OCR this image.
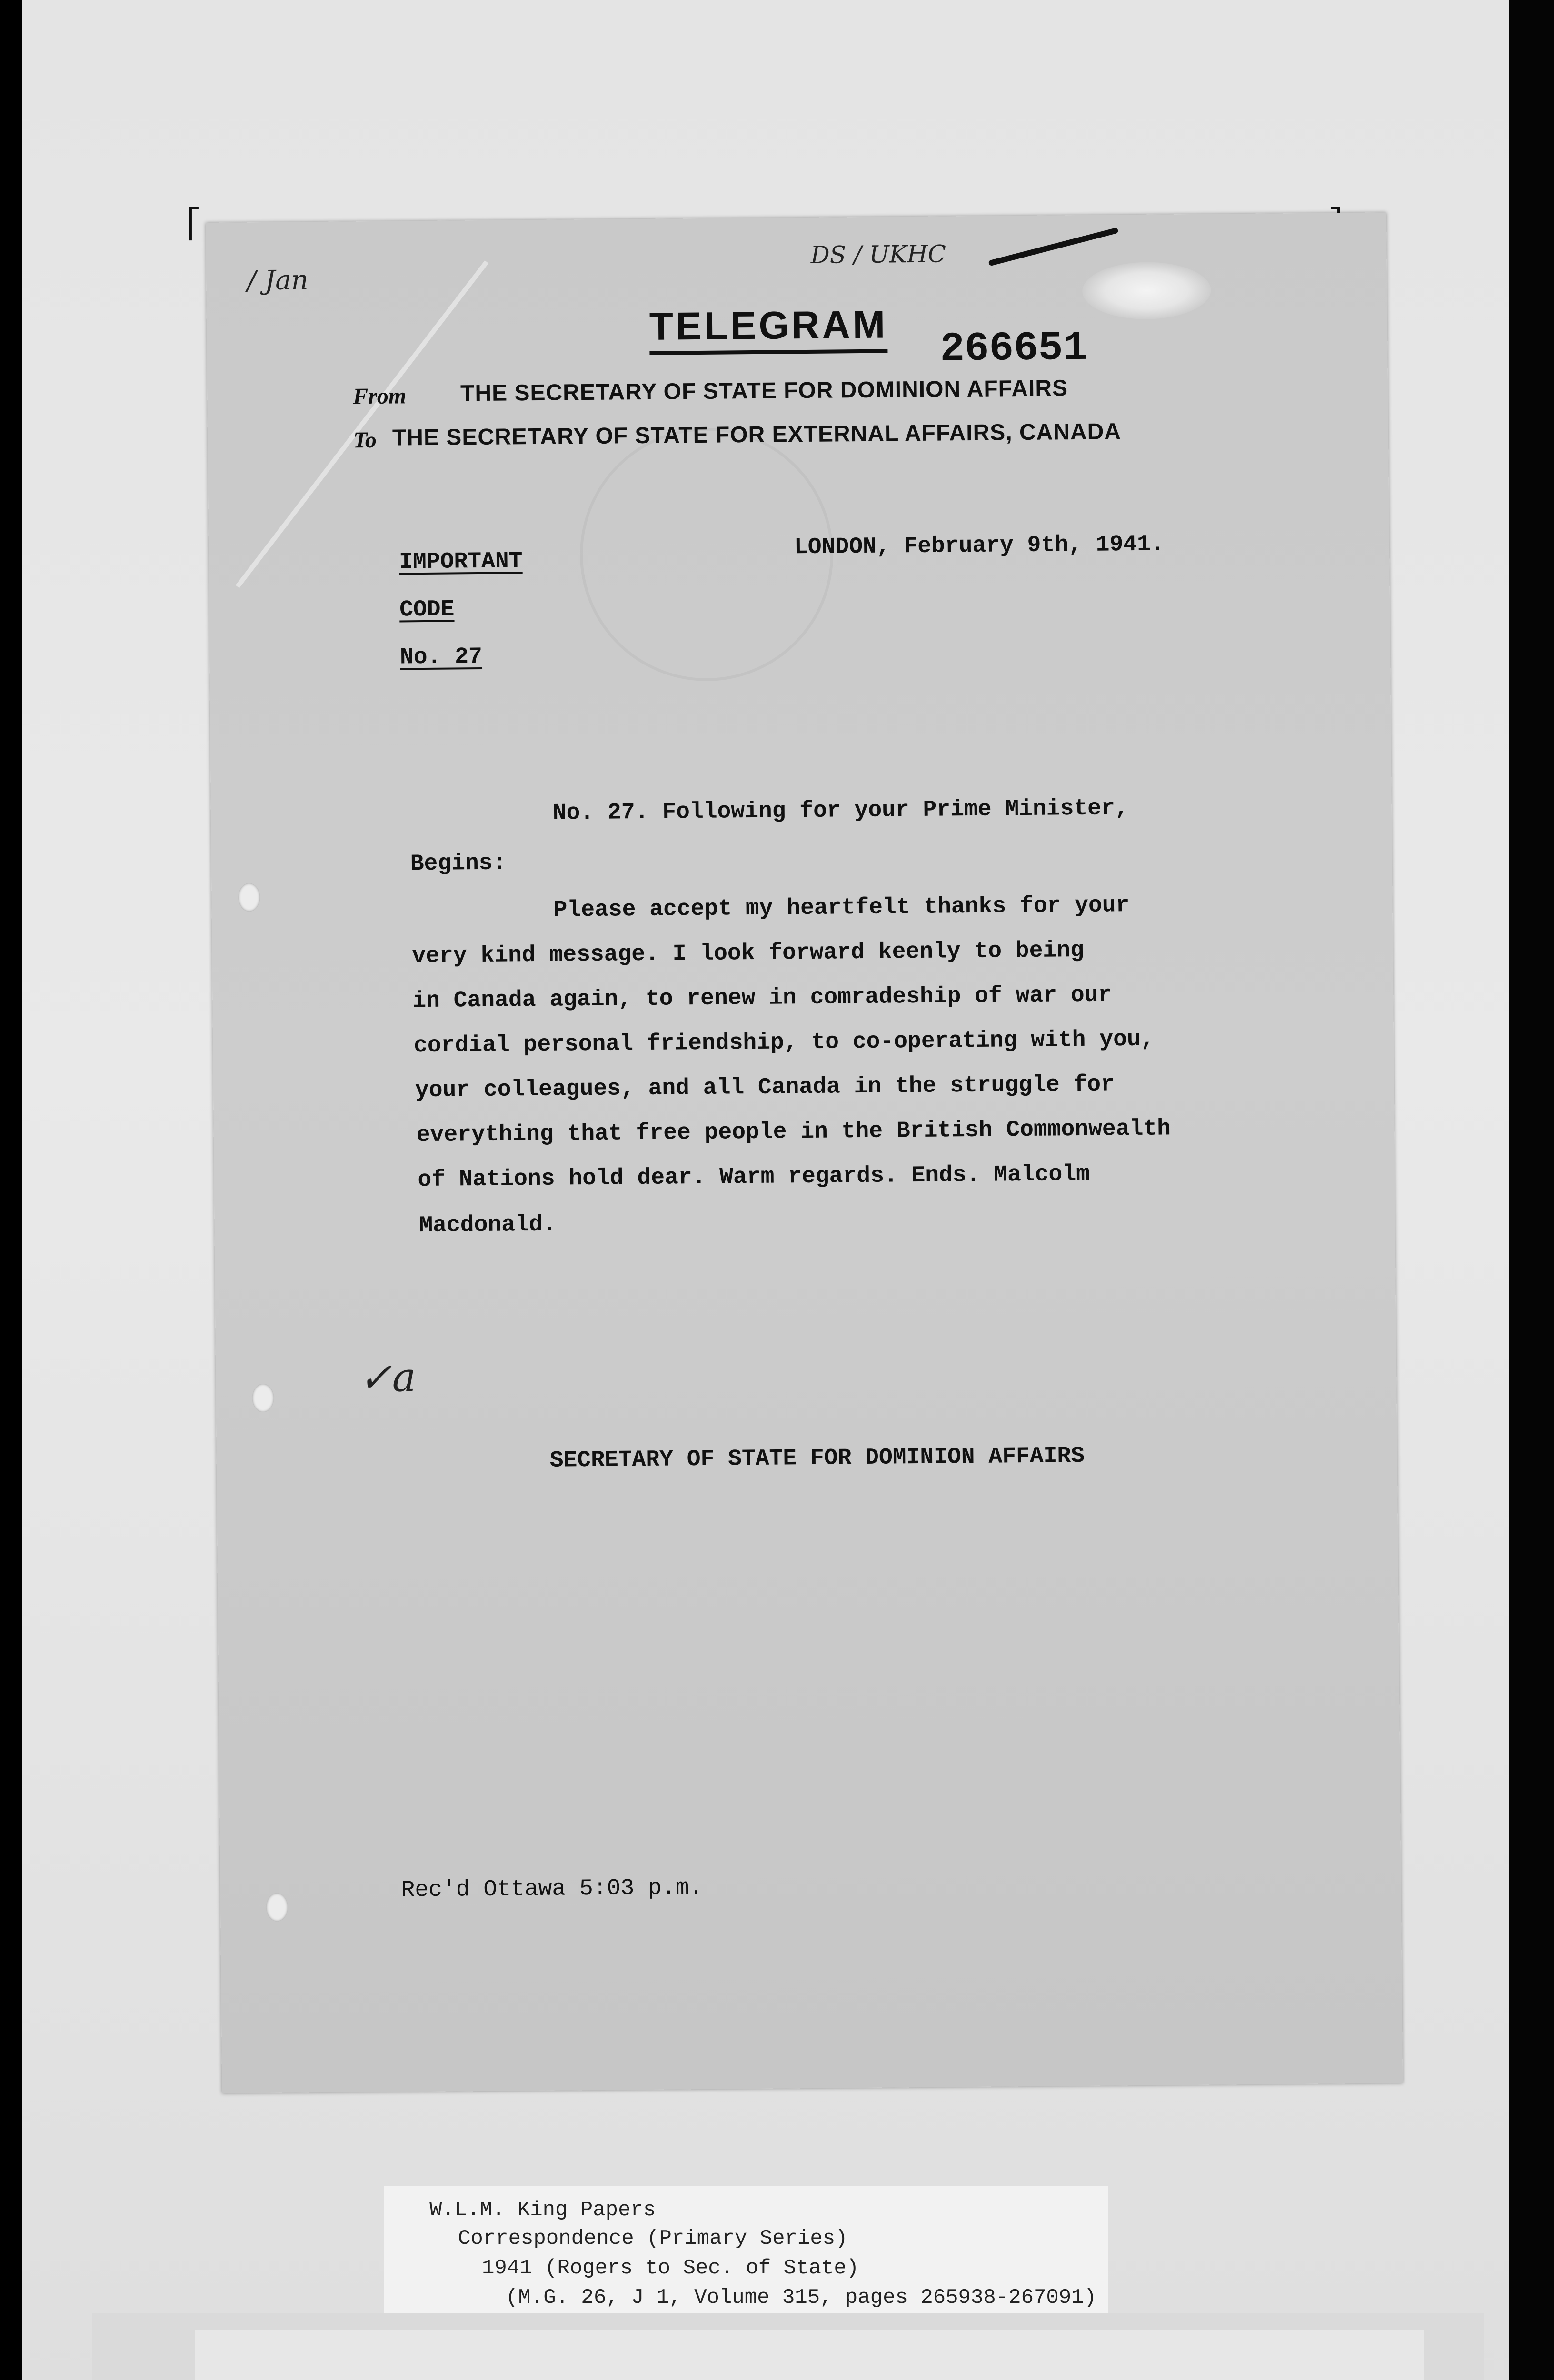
⎡
/ Jan
DS / UKHC
✓a
TELEGRAM 266651
From THE SECRETARY OF STATE FOR DOMINION AFFAIRS
To THE SECRETARY OF STATE FOR EXTERNAL AFFAIRS, CANADA
IMPORTANT
CODE
No. 27
LONDON, February 9th, 1941.
No. 27. Following for your Prime Minister,
Begins:
Please accept my heartfelt thanks for your
very kind message. I look forward keenly to being
in Canada again, to renew in comradeship of war our
cordial personal friendship, to co-operating with you,
your colleagues, and all Canada in the struggle for
everything that free people in the British Commonwealth
of Nations hold dear. Warm regards. Ends. Malcolm
Macdonald.
SECRETARY OF STATE FOR DOMINION AFFAIRS
Rec'd Ottawa 5:03 p.m.
W.L.M. King Papers
Correspondence (Primary Series)
1941 (Rogers to Sec. of State)
(M.G. 26, J 1, Volume 315, pages 265938-267091)
